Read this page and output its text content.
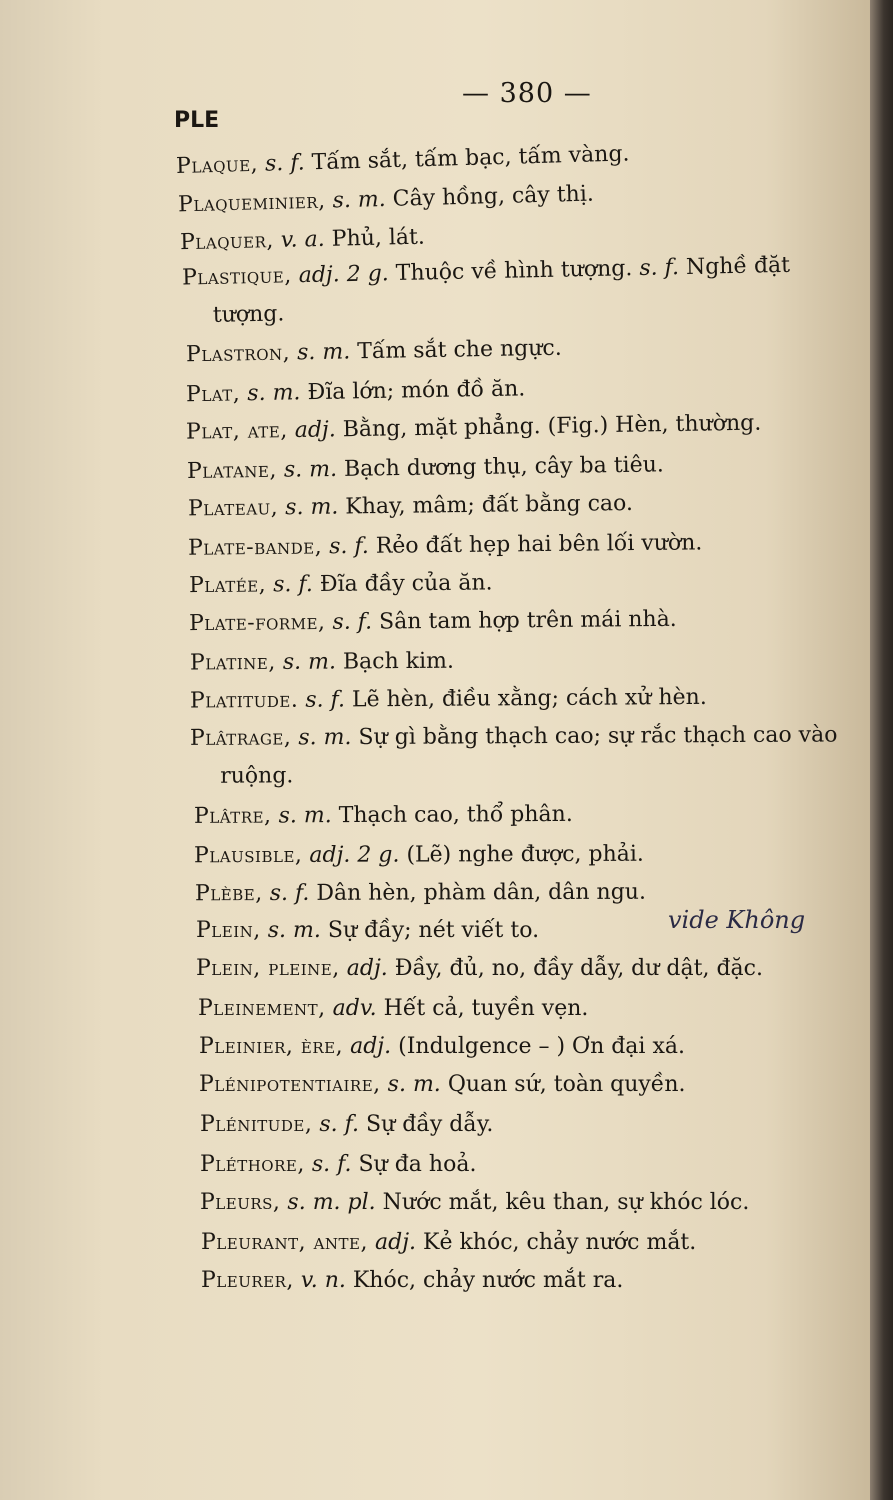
— 380 —
PLE
Plaque, s. f. Tấm sắt, tấm bạc, tấm vàng.
Plaqueminier, s. m. Cây hồng, cây thị.
Plaquer, v. a. Phủ, lát.
Plastique, adj. 2 g. Thuộc về hình tượng. s. f. Nghề đặt
tượng.
Plastron, s. m. Tấm sắt che ngực.
Plat, s. m. Đĩa lớn; món đồ ăn.
Plat, ate, adj. Bằng, mặt phẳng. (Fig.) Hèn, thường.
Platane, s. m. Bạch dương thụ, cây ba tiêu.
Plateau, s. m. Khay, mâm; đất bằng cao.
Plate-bande, s. f. Rẻo đất hẹp hai bên lối vườn.
Platée, s. f. Đĩa đầy của ăn.
Plate-forme, s. f. Sân tam hợp trên mái nhà.
Platine, s. m. Bạch kim.
Platitude. s. f. Lẽ hèn, điều xằng; cách xử hèn.
Plâtrage, s. m. Sự gì bằng thạch cao; sự rắc thạch cao vào
ruộng.
Plâtre, s. m. Thạch cao, thổ phân.
Plausible, adj. 2 g. (Lẽ) nghe được, phải.
Plèbe, s. f. Dân hèn, phàm dân, dân ngu.
Plein, s. m. Sự đầy; nét viết to.
Plein, pleine, adj. Đầy, đủ, no, đầy dẫy, dư dật, đặc.
Pleinement, adv. Hết cả, tuyền vẹn.
Pleinier, ère, adj. (Indulgence – ) Ơn đại xá.
Plénipotentiaire, s. m. Quan sứ, toàn quyền.
Plénitude, s. f. Sự đầy dẫy.
Pléthore, s. f. Sự đa hoả.
Pleurs, s. m. pl. Nước mắt, kêu than, sự khóc lóc.
Pleurant, ante, adj. Kẻ khóc, chảy nước mắt.
Pleurer, v. n. Khóc, chảy nước mắt ra.
vide Không
